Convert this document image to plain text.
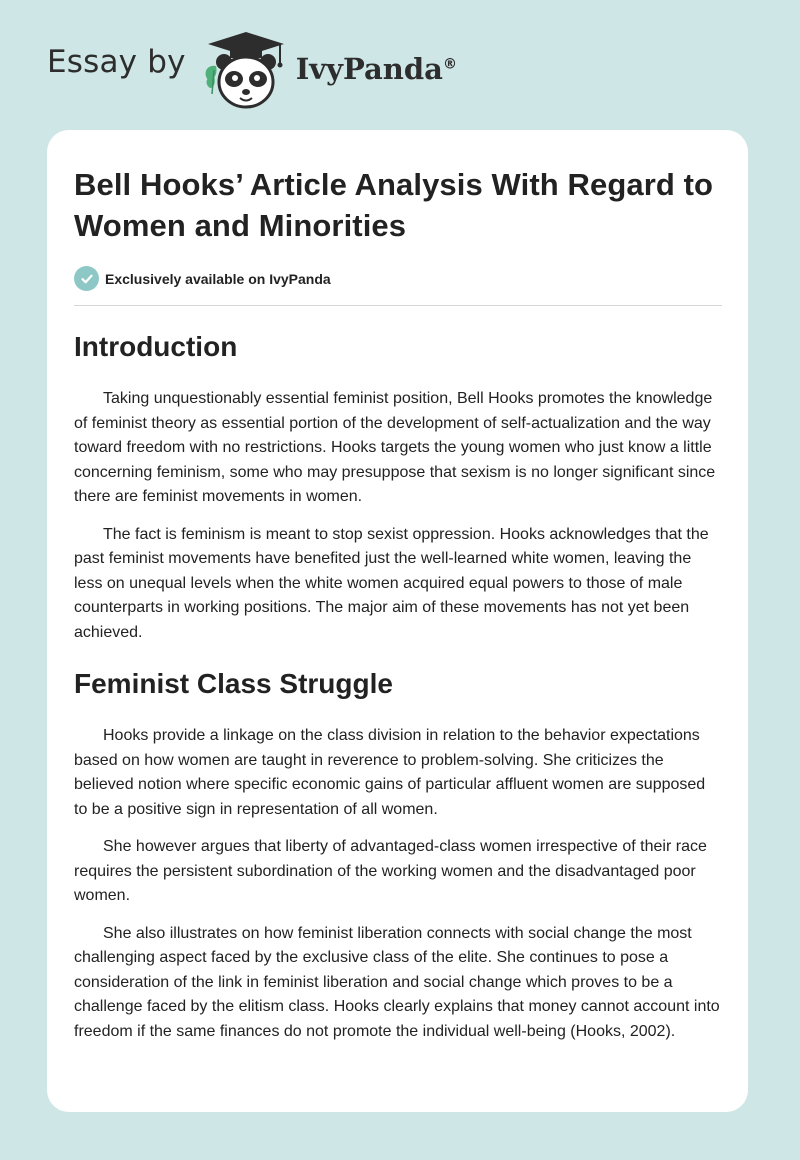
Essay by	IvyPanda®
Bell Hooks’ Article Analysis With Regard to Women and Minorities
Exclusively available on IvyPanda
Introduction

Taking unquestionably essential feminist position, Bell Hooks promotes the knowledge of feminist theory as essential portion of the development of self-actualization and the way toward freedom with no restrictions. Hooks targets the young women who just know a little concerning feminism, some who may presuppose that sexism is no longer significant since there are feminist movements in women.

The fact is feminism is meant to stop sexist oppression. Hooks acknowledges that the past feminist movements have benefited just the well-learned white women, leaving the less on unequal levels when the white women acquired equal powers to those of male counterparts in working positions. The major aim of these movements has not yet been achieved.

Feminist Class Struggle

Hooks provide a linkage on the class division in relation to the behavior expectations based on how women are taught in reverence to problem-solving. She criticizes the believed notion where specific economic gains of particular affluent women are supposed to be a positive sign in representation of all women.

She however argues that liberty of advantaged-class women irrespective of their race requires the persistent subordination of the working women and the disadvantaged poor women.

She also illustrates on how feminist liberation connects with social change the most challenging aspect faced by the exclusive class of the elite. She continues to pose a consideration of the link in feminist liberation and social change which proves to be a challenge faced by the elitism class. Hooks clearly explains that money cannot account into freedom if the same finances do not promote the individual well-being (Hooks, 2002).
